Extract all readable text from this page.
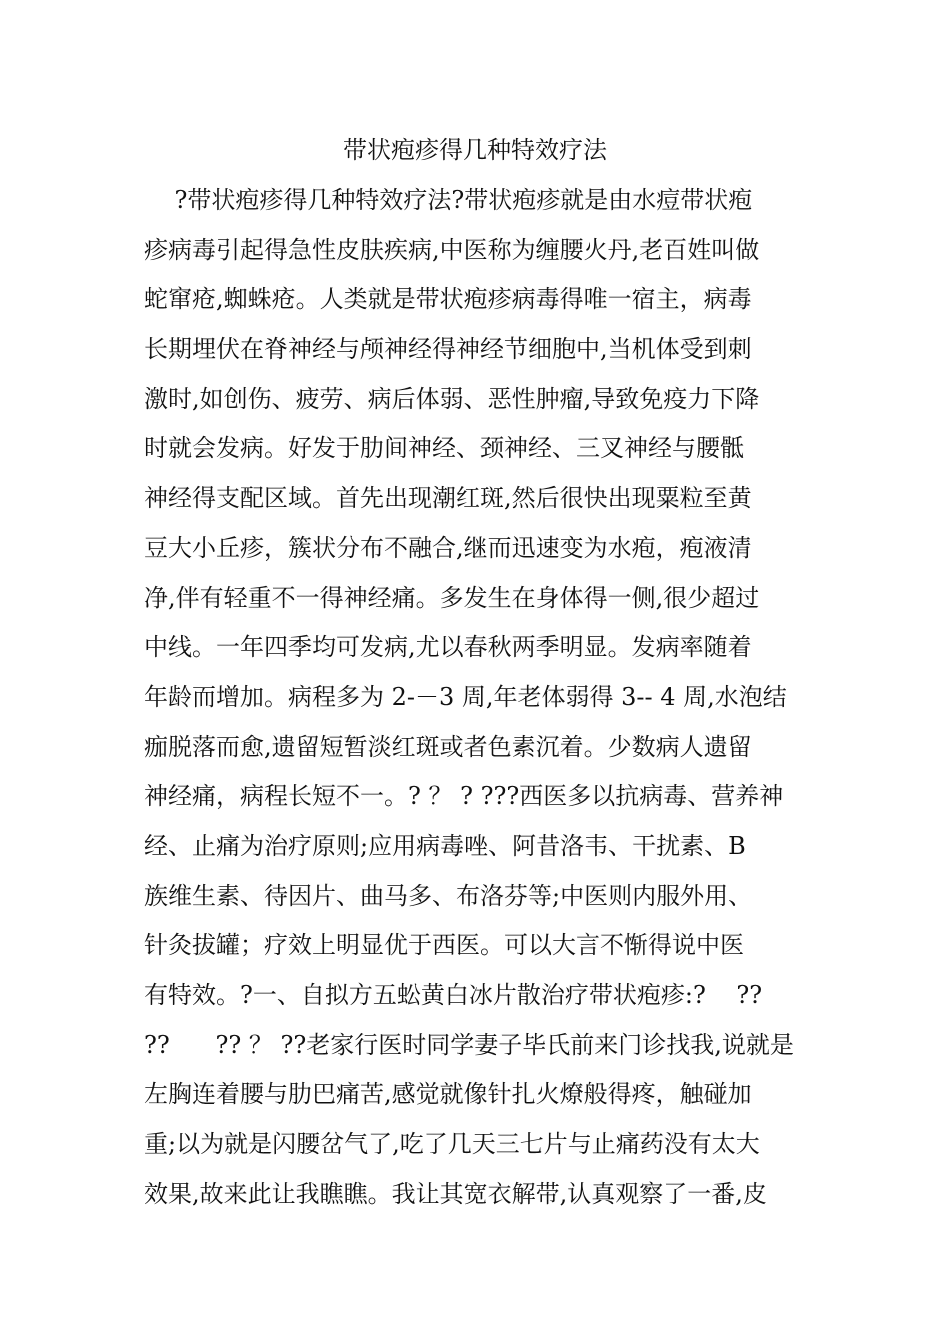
带状疱疹得几种特效疗法
?带状疱疹得几种特效疗法?带状疱疹就是由水痘带状疱
疹病毒引起得急性皮肤疾病,中医称为缠腰火丹,老百姓叫做
蛇窜疮,蜘蛛疮。人类就是带状疱疹病毒得唯一宿主，病毒
长期埋伏在脊神经与颅神经得神经节细胞中,当机体受到刺
激时,如创伤、疲劳、病后体弱、恶性肿瘤,导致免疫力下降
时就会发病。好发于肋间神经、颈神经、三叉神经与腰骶
神经得支配区域。首先出现潮红斑,然后很快出现粟粒至黄
豆大小丘疹，簇状分布不融合,继而迅速变为水疱，疱液清
净,伴有轻重不一得神经痛。多发生在身体得一侧,很少超过
中线。一年四季均可发病,尤以春秋两季明显。发病率随着
年龄而增加。病程多为 2-－3 周,年老体弱得 3-- 4 周,水泡结
痂脱落而愈,遗留短暂淡红斑或者色素沉着。少数病人遗留
神经痛，病程长短不一。? ？ ? ???西医多以抗病毒、营养神
经、止痛为治疗原则;应用病毒唑、阿昔洛韦、干扰素、B
族维生素、待因片、曲马多、布洛芬等;中医则内服外用、
针灸拔罐；疗效上明显优于西医。可以大言不惭得说中医
有特效。?一、自拟方五蚣黄白冰片散治疗带状疱疹:?    ??
??      ?? ？ ??老家行医时同学妻子毕氏前来门诊找我,说就是
左胸连着腰与肋巴痛苦,感觉就像针扎火燎般得疼，触碰加
重;以为就是闪腰岔气了,吃了几天三七片与止痛药没有太大
效果,故来此让我瞧瞧。我让其宽衣解带,认真观察了一番,皮
